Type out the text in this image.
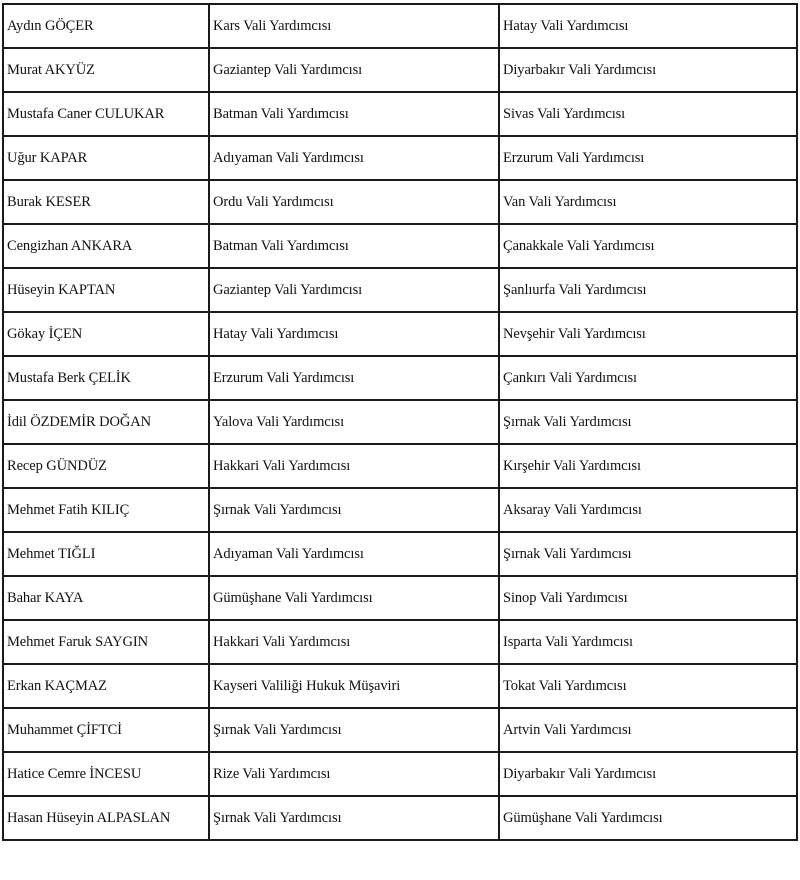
Aydın GÖÇER	Kars Vali Yardımcısı	Hatay Vali Yardımcısı
Murat AKYÜZ	Gaziantep Vali Yardımcısı	Diyarbakır Vali Yardımcısı
Mustafa Caner CULUKAR	Batman Vali Yardımcısı	Sivas Vali Yardımcısı
Uğur KAPAR	Adıyaman Vali Yardımcısı	Erzurum Vali Yardımcısı
Burak KESER	Ordu Vali Yardımcısı	Van Vali Yardımcısı
Cengizhan ANKARA	Batman Vali Yardımcısı	Çanakkale Vali Yardımcısı
Hüseyin KAPTAN	Gaziantep Vali Yardımcısı	Şanlıurfa Vali Yardımcısı
Gökay İÇEN	Hatay Vali Yardımcısı	Nevşehir Vali Yardımcısı
Mustafa Berk ÇELİK	Erzurum Vali Yardımcısı	Çankırı Vali Yardımcısı
İdil ÖZDEMİR DOĞAN	Yalova Vali Yardımcısı	Şırnak Vali Yardımcısı
Recep GÜNDÜZ	Hakkari Vali Yardımcısı	Kırşehir Vali Yardımcısı
Mehmet Fatih KILIÇ	Şırnak Vali Yardımcısı	Aksaray Vali Yardımcısı
Mehmet TIĞLI	Adıyaman Vali Yardımcısı	Şırnak Vali Yardımcısı
Bahar KAYA	Gümüşhane Vali Yardımcısı	Sinop Vali Yardımcısı
Mehmet Faruk SAYGIN	Hakkari Vali Yardımcısı	Isparta Vali Yardımcısı
Erkan KAÇMAZ	Kayseri Valiliği Hukuk Müşaviri	Tokat Vali Yardımcısı
Muhammet ÇİFTCİ	Şırnak Vali Yardımcısı	Artvin Vali Yardımcısı
Hatice Cemre İNCESU	Rize Vali Yardımcısı	Diyarbakır Vali Yardımcısı
Hasan Hüseyin ALPASLAN	Şırnak Vali Yardımcısı	Gümüşhane Vali Yardımcısı
